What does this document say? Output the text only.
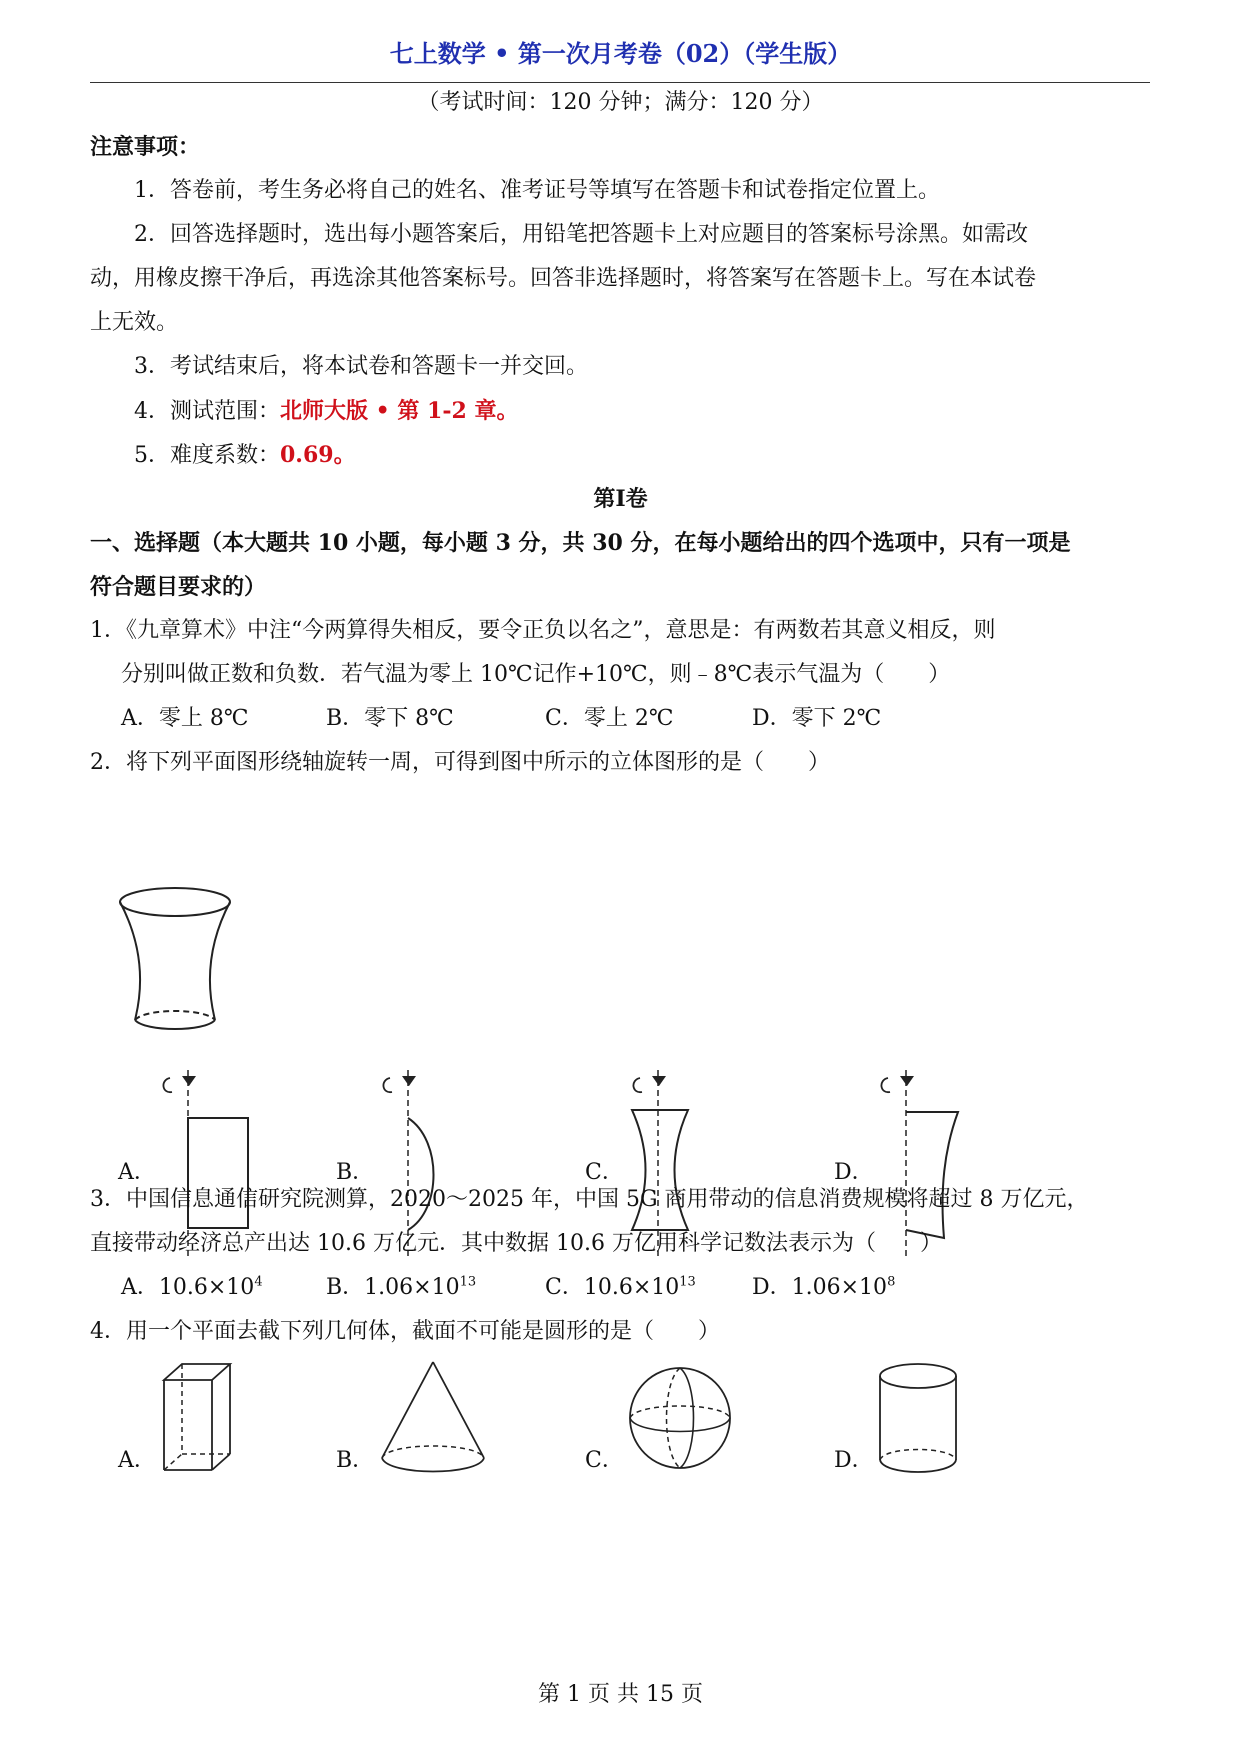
七上数学 • 第一次月考卷（02）（学生版）
（考试时间：120 分钟；满分：120 分）
注意事项：
1．答卷前，考生务必将自己的姓名、准考证号等填写在答题卡和试卷指定位置上。
2．回答选择题时，选出每小题答案后，用铅笔把答题卡上对应题目的答案标号涂黑。如需改
动，用橡皮擦干净后，再选涂其他答案标号。回答非选择题时，将答案写在答题卡上。写在本试卷
上无效。
3．考试结束后，将本试卷和答题卡一并交回。
4．测试范围：北师大版 • 第 1-2 章。
5．难度系数：0.69。
第Ⅰ卷
一、选择题（本大题共 10 小题，每小题 3 分，共 30 分，在每小题给出的四个选项中，只有一项是
符合题目要求的）
1．《九章算术》中注“今两算得失相反，要令正负以名之”，意思是：有两数若其意义相反，则
分别叫做正数和负数．若气温为零上 10℃记作+10℃，则﹣8℃表示气温为（　　）
A．零上 8℃	B．零下 8℃	C．零上 2℃	D．零下 2℃
2．将下列平面图形绕轴旋转一周，可得到图中所示的立体图形的是（　　）
A．	B．	C．	D．
3．中国信息通信研究院测算，2020～2025 年，中国 5G 商用带动的信息消费规模将超过 8 万亿元，
直接带动经济总产出达 10.6 万亿元．其中数据 10.6 万亿用科学记数法表示为（　　）
A．$10.6\times 10^4$	B．$1.06\times 10^{13}$	C．$10.6\times 10^{13}$	D．$1.06\times 10^8$
4．用一个平面去截下列几何体，截面不可能是圆形的是（　　）
A．	B．	C．	D．
第 1 页 共 15 页
